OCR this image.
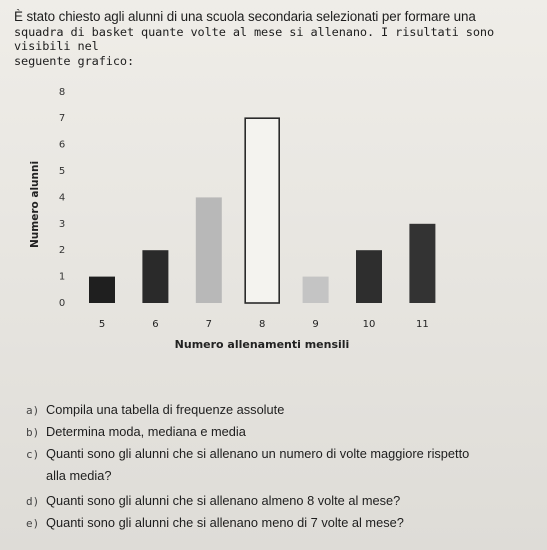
È stato chiesto agli alunni di una scuola secondaria selezionati per formare una
squadra di basket quante volte al mese si allenano. I risultati sono visibili nel
seguente grafico:
0
1
2
3
4
5
6
7
8
5	6	7	8	9	10	11
Numero alunni
Numero allenamenti mensili
a) Compila una tabella di frequenze assolute
b) Determina moda, mediana e media
c) Quanti sono gli alunni che si allenano un numero di volte maggiore rispetto
alla media?
d) Quanti sono gli alunni che si allenano almeno 8 volte al mese?
e) Quanti sono gli alunni che si allenano meno di 7 volte al mese?
